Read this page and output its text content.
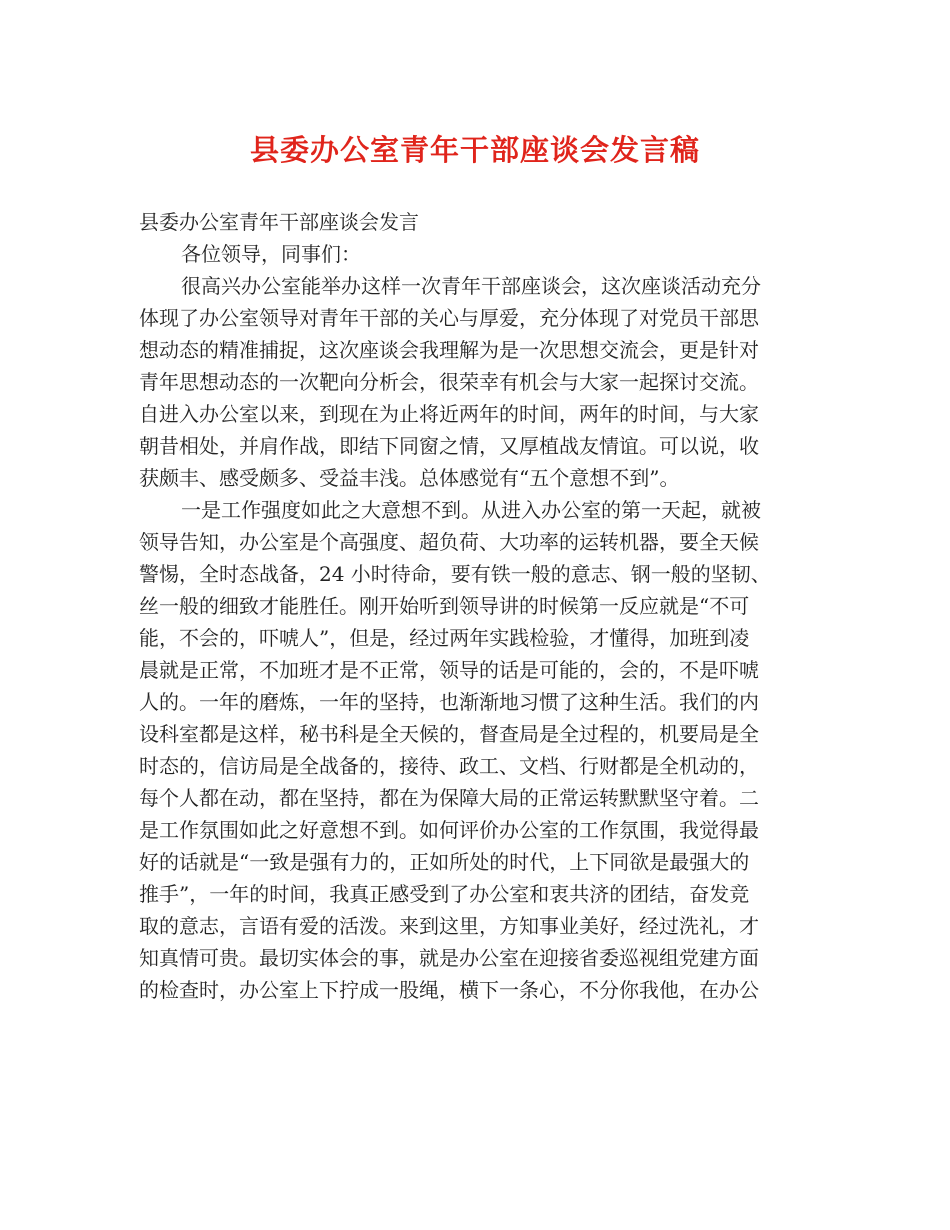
县委办公室青年干部座谈会发言稿

县委办公室青年干部座谈会发言

各位领导，同事们：

很高兴办公室能举办这样一次青年干部座谈会，这次座谈活动充分

体现了办公室领导对青年干部的关心与厚爱，充分体现了对党员干部思

想动态的精准捕捉，这次座谈会我理解为是一次思想交流会，更是针对

青年思想动态的一次靶向分析会，很荣幸有机会与大家一起探讨交流。

自进入办公室以来，到现在为止将近两年的时间，两年的时间，与大家

朝昔相处，并肩作战，即结下同窗之情，又厚植战友情谊。可以说，收

获颇丰、感受颇多、受益丰浅。总体感觉有“五个意想不到”。

一是工作强度如此之大意想不到。从进入办公室的第一天起，就被

领导告知，办公室是个高强度、超负荷、大功率的运转机器，要全天候

警惕，全时态战备，24 小时待命，要有铁一般的意志、钢一般的坚韧、

丝一般的细致才能胜任。刚开始听到领导讲的时候第一反应就是“不可

能，不会的，吓唬人”，但是，经过两年实践检验，才懂得，加班到凌

晨就是正常，不加班才是不正常，领导的话是可能的，会的，不是吓唬

人的。一年的磨炼，一年的坚持，也渐渐地习惯了这种生活。我们的内

设科室都是这样，秘书科是全天候的，督查局是全过程的，机要局是全

时态的，信访局是全战备的，接待、政工、文档、行财都是全机动的，

每个人都在动，都在坚持，都在为保障大局的正常运转默默坚守着。二

是工作氛围如此之好意想不到。如何评价办公室的工作氛围，我觉得最

好的话就是“一致是强有力的，正如所处的时代，上下同欲是最强大的

推手”，一年的时间，我真正感受到了办公室和衷共济的团结，奋发竞

取的意志，言语有爱的活泼。来到这里，方知事业美好，经过洗礼，才

知真情可贵。最切实体会的事，就是办公室在迎接省委巡视组党建方面

的检查时，办公室上下拧成一股绳，横下一条心，不分你我他，在办公
